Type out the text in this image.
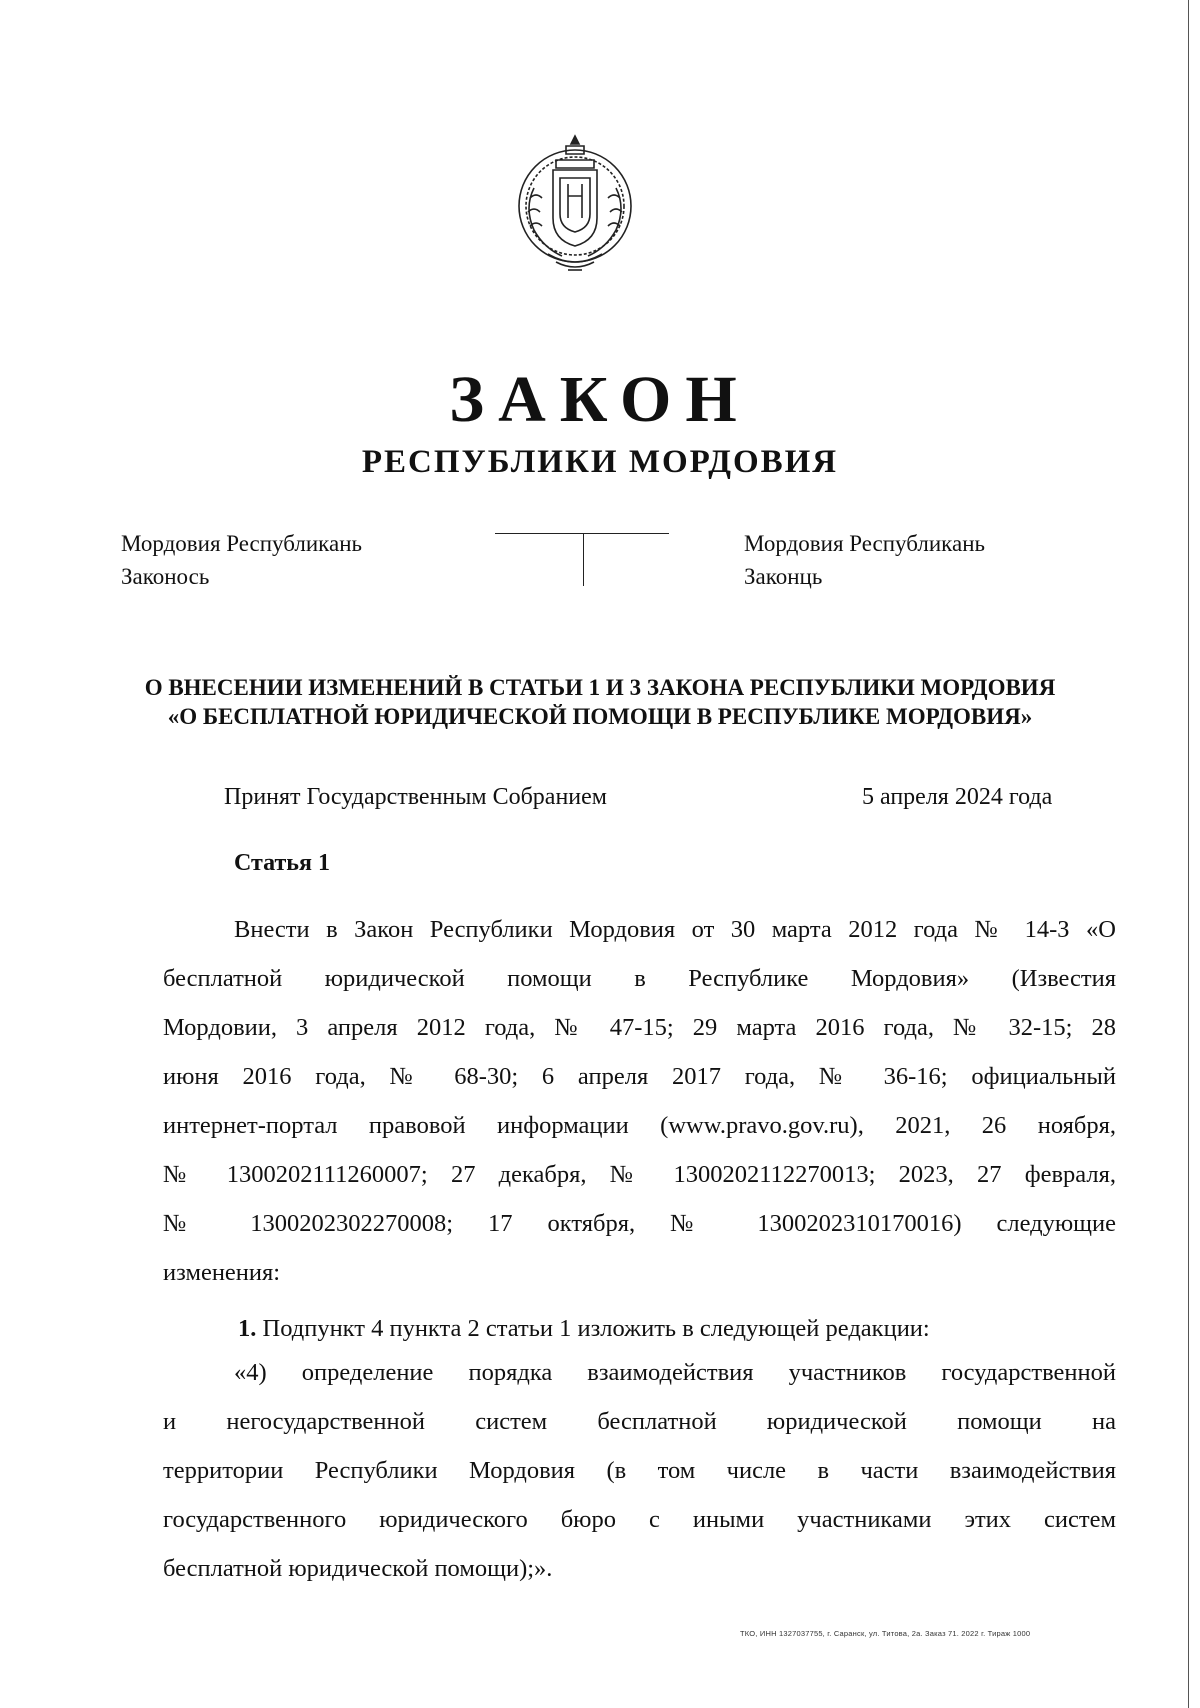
ЗАКОН
РЕСПУБЛИКИ МОРДОВИЯ
Мордовия Республикань Законось
Мордовия Республикань Законць
О ВНЕСЕНИИ ИЗМЕНЕНИЙ В СТАТЬИ 1 И 3 ЗАКОНА РЕСПУБЛИКИ МОРДОВИЯ
«О БЕСПЛАТНОЙ ЮРИДИЧЕСКОЙ ПОМОЩИ В РЕСПУБЛИКЕ МОРДОВИЯ»
Принят Государственным Собранием	5 апреля 2024 года
Статья 1
Внести в Закон Республики Мордовия от 30 марта 2012 года № 14-З «О
бесплатной юридической помощи в Республике Мордовия» (Известия
Мордовии, 3 апреля 2012 года, № 47-15; 29 марта 2016 года, № 32-15; 28
июня 2016 года, № 68-30; 6 апреля 2017 года, № 36-16; официальный
интернет-портал правовой информации (www.pravo.gov.ru), 2021, 26 ноября,
№ 1300202111260007; 27 декабря, № 1300202112270013; 2023, 27 февраля,
№ 1300202302270008; 17 октября, № 1300202310170016) следующие
изменения:
1. Подпункт 4 пункта 2 статьи 1 изложить в следующей редакции:
«4) определение порядка взаимодействия участников государственной
и негосударственной систем бесплатной юридической помощи на
территории Республики Мордовия (в том числе в части взаимодействия
государственного юридического бюро с иными участниками этих систем
бесплатной юридической помощи);».
ТКО, ИНН 1327037755, г. Саранск, ул. Титова, 2а. Заказ 71. 2022 г. Тираж 1000
